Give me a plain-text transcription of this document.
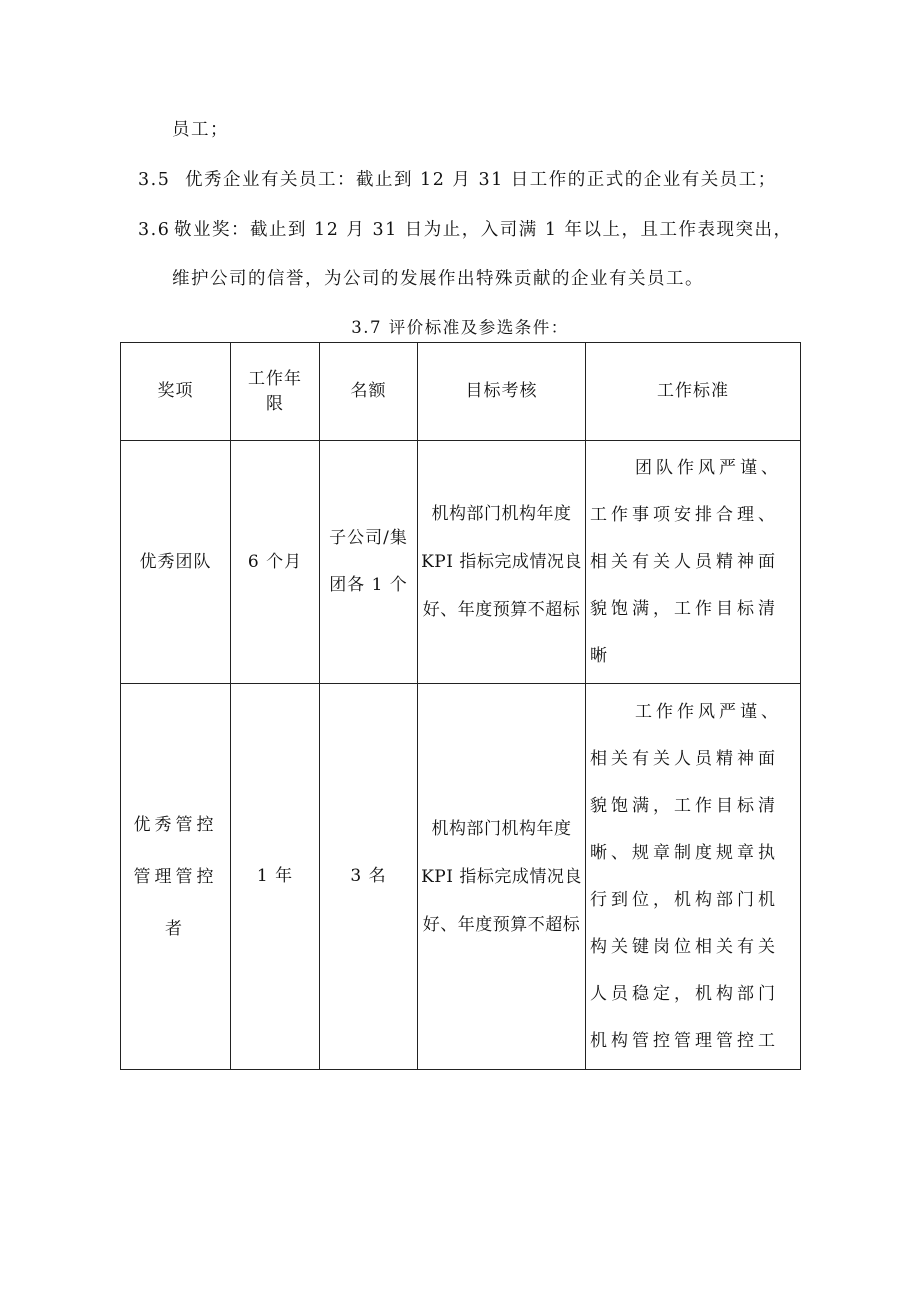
员工；
3.5 优秀企业有关员工：截止到 12 月 31 日工作的正式的企业有关员工；
3.6 敬业奖：截止到 12 月 31 日为止，入司满 1 年以上，且工作表现突出，
维护公司的信誉，为公司的发展作出特殊贡献的企业有关员工。
3.7 评价标准及参选条件：
奖项	工作年限	名额	目标考核	工作标准
优秀团队	6 个月	子公司/集团各 1 个	机构部门机构年度KPI 指标完成情况良好、年度预算不超标	团队作风严谨、工作事项安排合理、相关有关人员精神面貌饱满，工作目标清晰
优秀管控管理管控者	1 年	3 名	机构部门机构年度KPI 指标完成情况良好、年度预算不超标	工作作风严谨、相关有关人员精神面貌饱满，工作目标清晰、规章制度规章执行到位，机构部门机构关键岗位相关有关人员稳定，机构部门机构管控管理管控工
